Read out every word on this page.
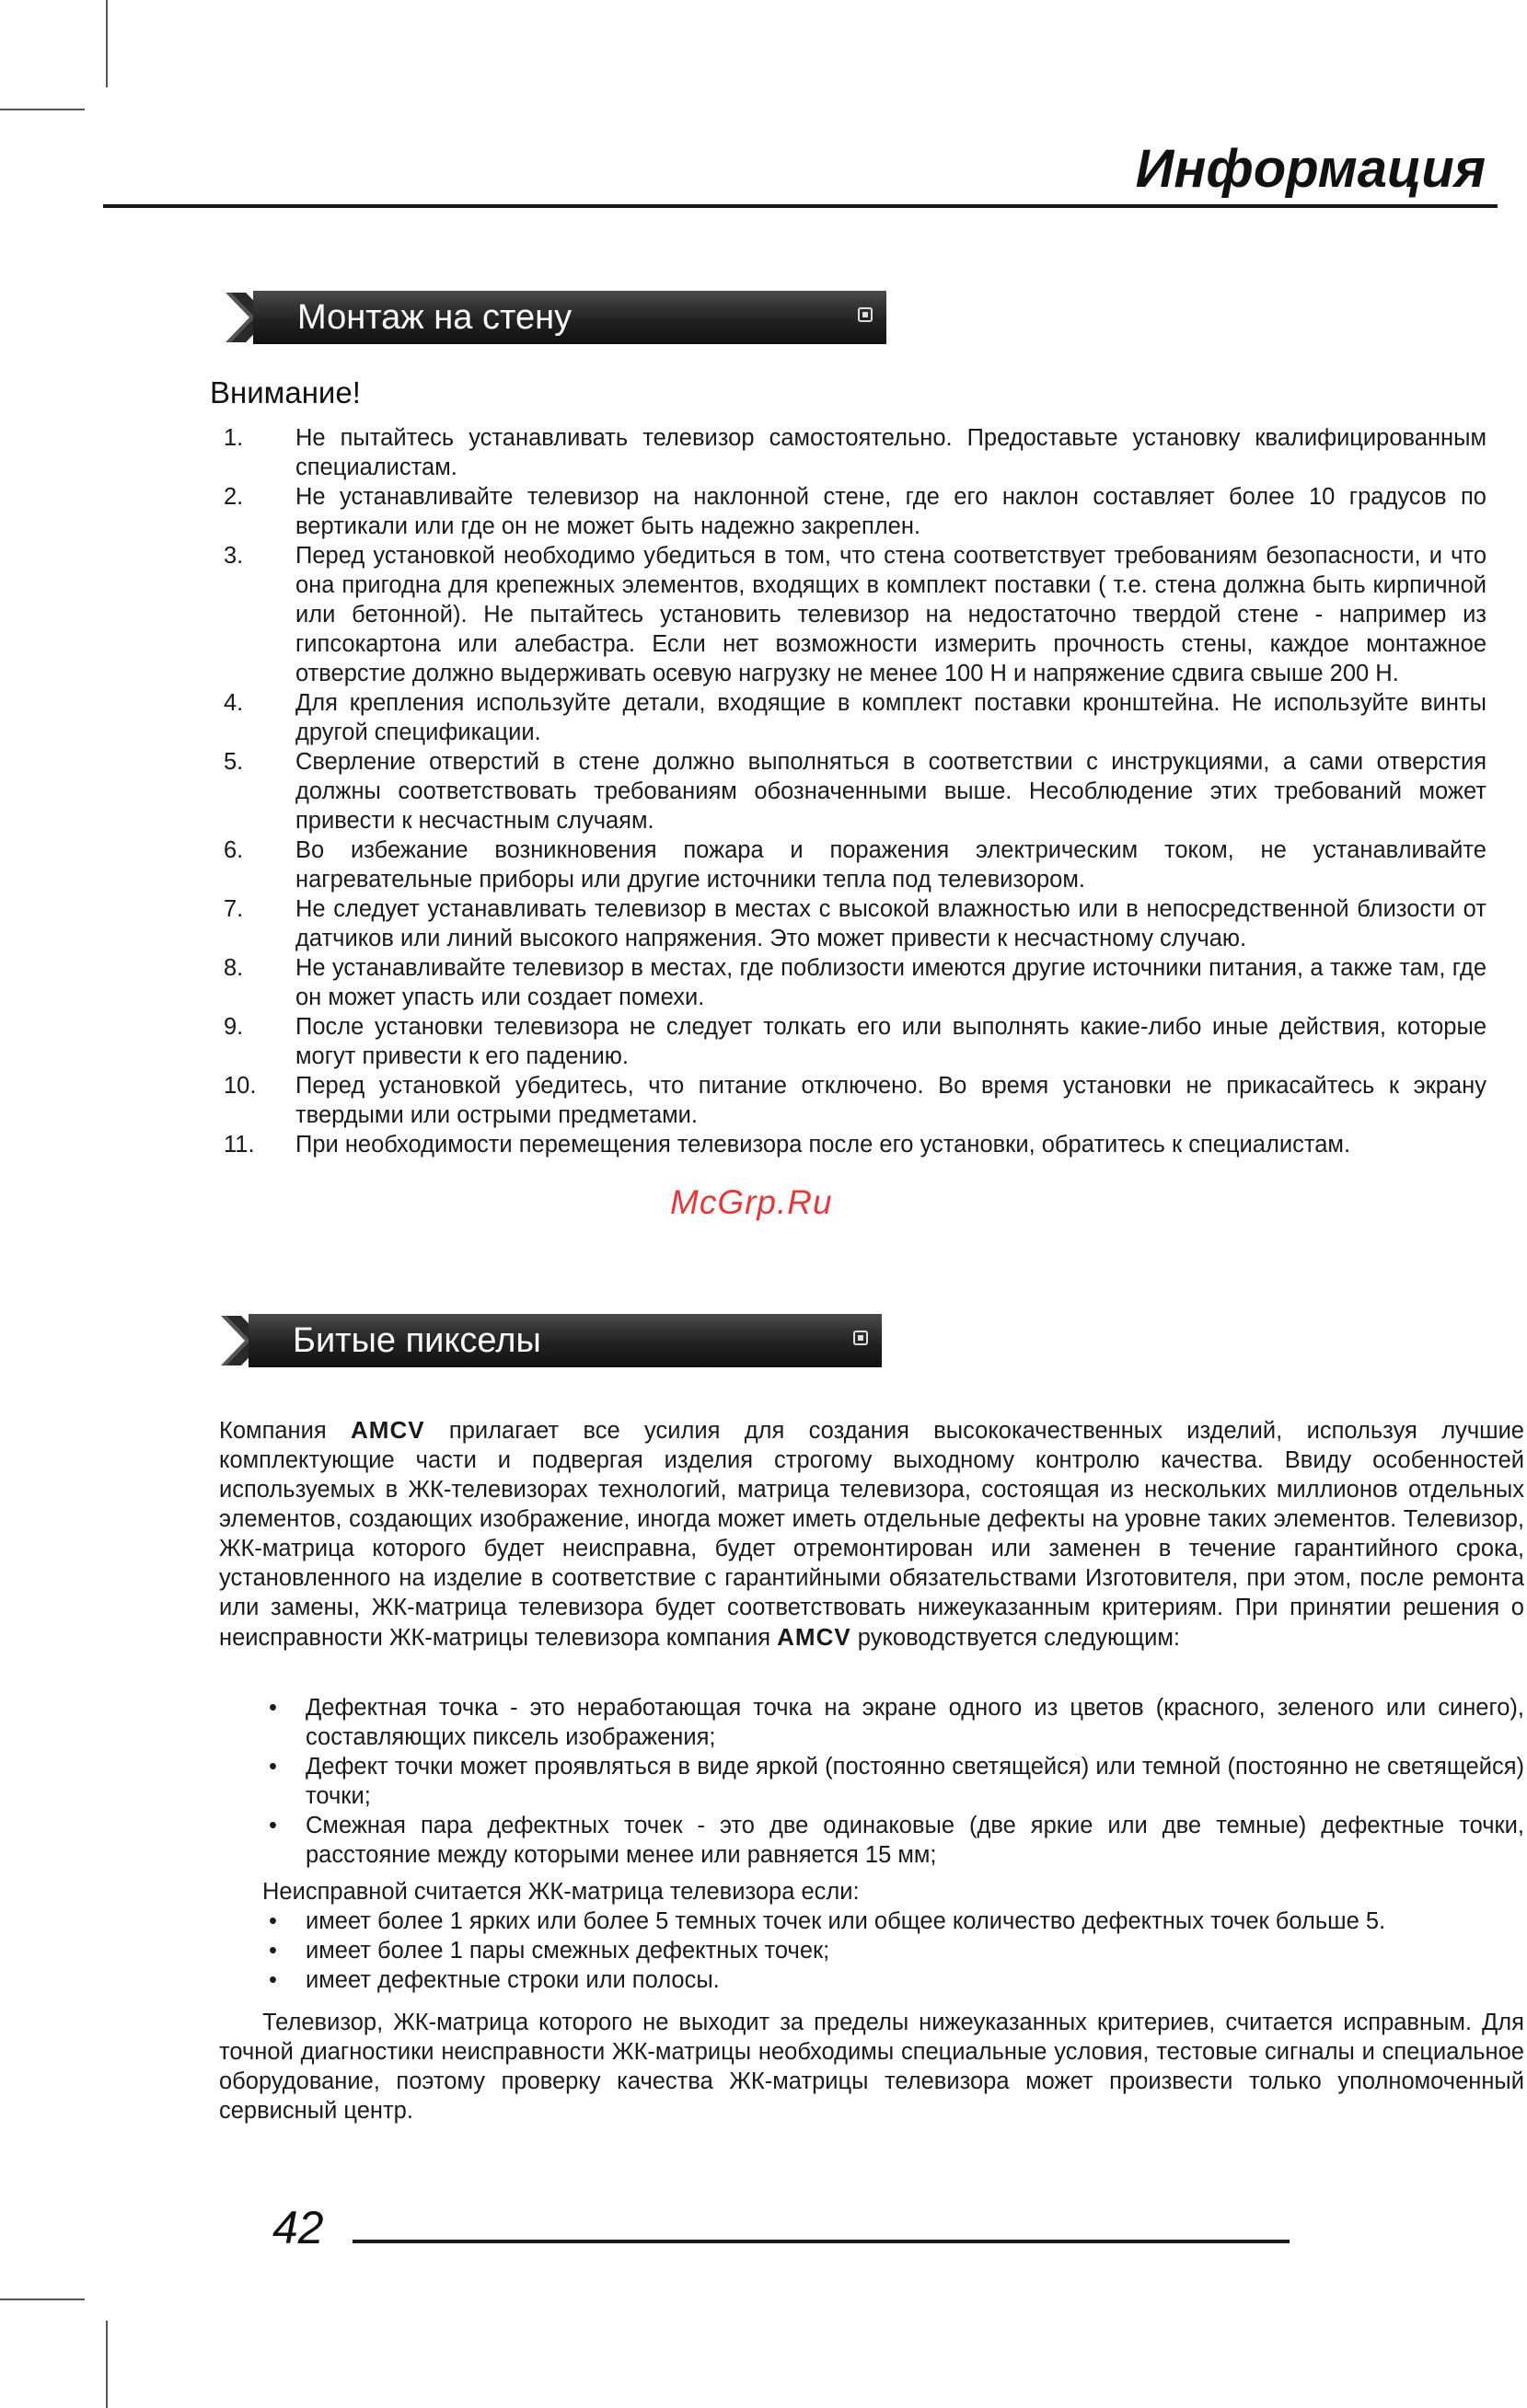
Информация
Монтаж на стену
Внимание!
1. Не пытайтесь устанавливать телевизор самостоятельно. Предоставьте установку квалифицированным специалистам.
2. Не устанавливайте телевизор на наклонной стене, где его наклон составляет более 10 градусов по вертикали или где он не может быть надежно закреплен.
3. Перед установкой необходимо убедиться в том, что стена соответствует требованиям безопасности, и что она пригодна для крепежных элементов, входящих в комплект поставки ( т.е. стена должна быть кирпичной или бетонной). Не пытайтесь установить телевизор на недостаточно твердой стене - например из гипсокартона или алебастра. Если нет возможности измерить прочность стены, каждое монтажное отверстие должно выдерживать осевую нагрузку не менее 100 Н и напряжение сдвига свыше 200 Н.
4. Для крепления используйте детали, входящие в комплект поставки кронштейна. Не используйте винты другой спецификации.
5. Сверление отверстий в стене должно выполняться в соответствии с инструкциями, а сами отверстия должны соответствовать требованиям обозначенными выше. Несоблюдение этих требований может привести к несчастным случаям.
6. Во избежание возникновения пожара и поражения электрическим током, не устанавливайте нагревательные приборы или другие источники тепла под телевизором.
7. Не следует устанавливать телевизор в местах с высокой влажностью или в непосредственной близости от датчиков или линий высокого напряжения. Это может привести к несчастному случаю.
8. Не устанавливайте телевизор в местах, где поблизости имеются другие источники питания, а также там, где он может упасть или создает помехи.
9. После установки телевизора не следует толкать его или выполнять какие-либо иные действия, которые могут привести к его падению.
10. Перед установкой убедитесь, что питание отключено. Во время установки не прикасайтесь к экрану твердыми или острыми предметами.
11. При необходимости перемещения телевизора после его установки, обратитесь к специалистам.
McGrp.Ru
Битые пикселы
Компания AMCV прилагает все усилия для создания высококачественных изделий, используя лучшие комплектующие части и подвергая изделия строгому выходному контролю качества. Ввиду особенностей используемых в ЖК-телевизорах технологий, матрица телевизора, состоящая из нескольких миллионов отдельных элементов, создающих изображение, иногда может иметь отдельные дефекты на уровне таких элементов. Телевизор, ЖК-матрица которого будет неисправна, будет отремонтирован или заменен в течение гарантийного срока, установленного на изделие в соответствие с гарантийными обязательствами Изготовителя, при этом, после ремонта или замены, ЖК-матрица телевизора будет соответствовать нижеуказанным критериям. При принятии решения о неисправности ЖК-матрицы телевизора компания AMCV руководствуется следующим:
• Дефектная точка - это неработающая точка на экране одного из цветов (красного, зеленого или синего), составляющих пиксель изображения;
• Дефект точки может проявляться в виде яркой (постоянно светящейся) или темной (постоянно не светящейся) точки;
• Смежная пара дефектных точек - это две одинаковые (две яркие или две темные) дефектные точки, расстояние между которыми менее или равняется 15 мм;
Неисправной считается ЖК-матрица телевизора если:
• имеет более 1 ярких или более 5 темных точек или общее количество дефектных точек больше 5.
• имеет более 1 пары смежных дефектных точек;
• имеет дефектные строки или полосы.
Телевизор, ЖК-матрица которого не выходит за пределы нижеуказанных критериев, считается исправным. Для точной диагностики неисправности ЖК-матрицы необходимы специальные условия, тестовые сигналы и специальное оборудование, поэтому проверку качества ЖК-матрицы телевизора может произвести только уполномоченный сервисный центр.
42
